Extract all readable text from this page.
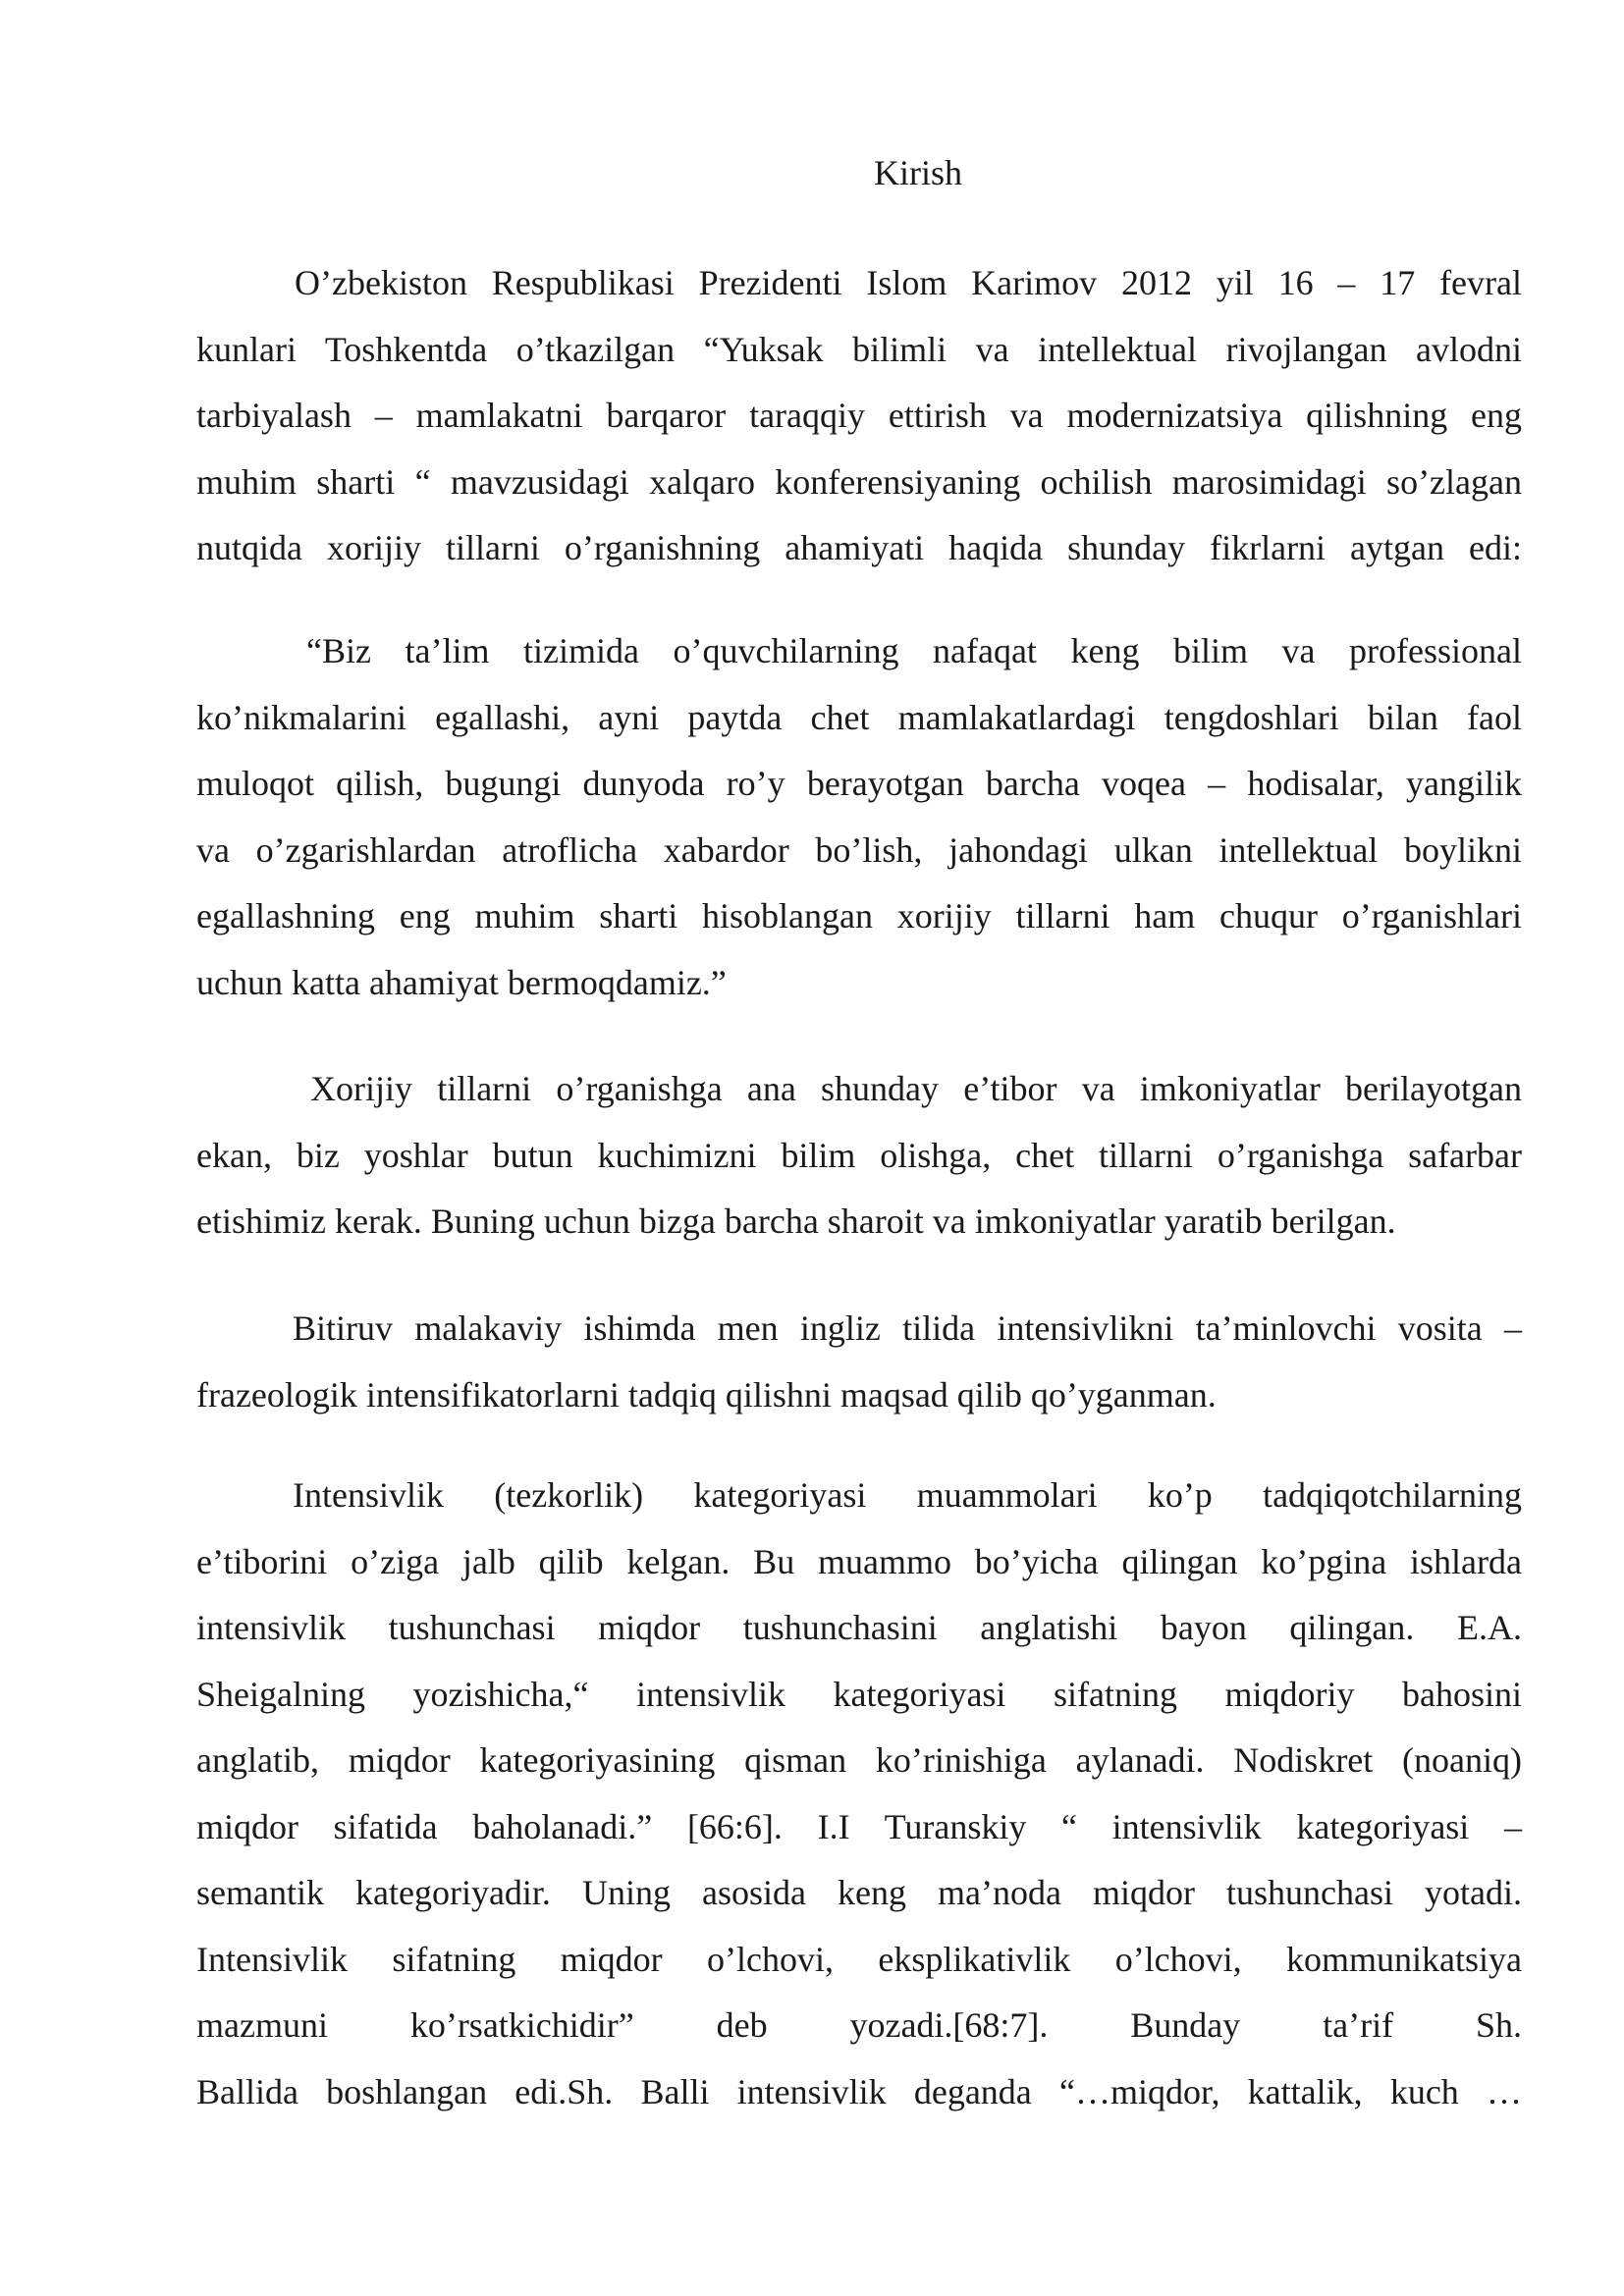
Kirish
O’zbekiston Respublikasi Prezidenti Islom Karimov 2012 yil 16 – 17 fevral
kunlari Toshkentda o’tkazilgan “Yuksak bilimli va intellektual rivojlangan avlodni
tarbiyalash – mamlakatni barqaror taraqqiy ettirish va modernizatsiya qilishning eng
muhim sharti “ mavzusidagi xalqaro konferensiyaning ochilish marosimidagi so’zlagan
nutqida xorijiy tillarni o’rganishning ahamiyati haqida shunday fikrlarni aytgan edi:
“Biz ta’lim tizimida o’quvchilarning nafaqat keng bilim va professional
ko’nikmalarini egallashi, ayni paytda chet mamlakatlardagi tengdoshlari bilan faol
muloqot qilish, bugungi dunyoda ro’y berayotgan barcha voqea – hodisalar, yangilik
va o’zgarishlardan atroflicha xabardor bo’lish, jahondagi ulkan intellektual boylikni
egallashning eng muhim sharti hisoblangan xorijiy tillarni ham chuqur o’rganishlari
uchun katta ahamiyat bermoqdamiz.”
Xorijiy tillarni o’rganishga ana shunday e’tibor va imkoniyatlar berilayotgan
ekan, biz yoshlar butun kuchimizni bilim olishga, chet tillarni o’rganishga safarbar
etishimiz kerak. Buning uchun bizga barcha sharoit va imkoniyatlar yaratib berilgan.
Bitiruv malakaviy ishimda men ingliz tilida intensivlikni ta’minlovchi vosita –
frazeologik intensifikatorlarni tadqiq qilishni maqsad qilib qo’yganman.
Intensivlik (tezkorlik) kategoriyasi muammolari ko’p tadqiqotchilarning
e’tiborini o’ziga jalb qilib kelgan. Bu muammo bo’yicha qilingan ko’pgina ishlarda
intensivlik tushunchasi miqdor tushunchasini anglatishi bayon qilingan. E.A.
Sheigalning yozishicha,“ intensivlik kategoriyasi sifatning miqdoriy bahosini
anglatib, miqdor kategoriyasining qisman ko’rinishiga aylanadi. Nodiskret (noaniq)
miqdor sifatida baholanadi.” [66:6]. I.I Turanskiy “ intensivlik kategoriyasi –
semantik kategoriyadir. Uning asosida keng ma’noda miqdor tushunchasi yotadi.
Intensivlik sifatning miqdor o’lchovi, eksplikativlik o’lchovi, kommunikatsiya
mazmuni ko’rsatkichidir” deb yozadi.[68:7]. Bunday ta’rif Sh.
Ballida boshlangan edi.Sh. Balli intensivlik deganda “…miqdor, kattalik, kuch …
